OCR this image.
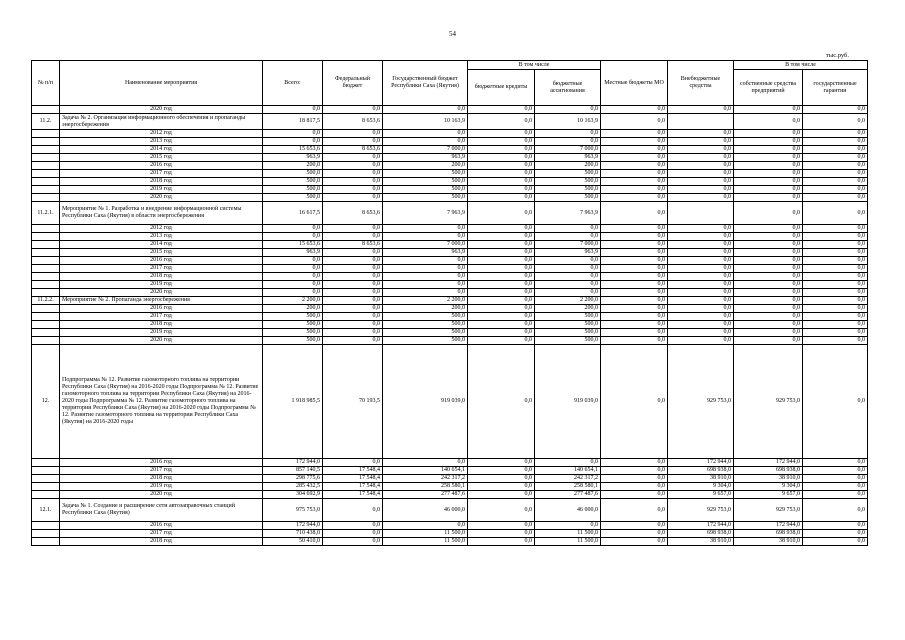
54
тыс.руб.
№ п/п	Наименование мероприятия	Всего:	Федеральный бюджет	Государственный бюджет Республики Саха (Якутия)	В том числе		Местные бюджеты МО	Внебюджетные средства	В том числе	
					бюджетные кредиты	бюджетные ассигнования			собственные средства предприятий	государственные гарантии
	2020 год	0,0	0,0	0,0	0,0	0,0	0,0	0,0	0,0	0,0
11.2.	Задача № 2. Организация информационного обеспечения и пропаганды энергосбережения	18 817,5	8 653,6	10 163,9	0,0	10 163,9	0,0		0,0	0,0
	2012 год	0,0	0,0	0,0	0,0	0,0	0,0	0,0	0,0	0,0
	2013 год	0,0	0,0	0,0	0,0	0,0	0,0	0,0	0,0	0,0
	2014 год	15 653,6	8 653,6	7 000,0	0,0	7 000,0	0,0	0,0	0,0	0,0
	2015 год	963,9	0,0	963,9	0,0	963,9	0,0	0,0	0,0	0,0
	2016 год	200,0	0,0	200,0	0,0	200,0	0,0	0,0	0,0	0,0
	2017 год	500,0	0,0	500,0	0,0	500,0	0,0	0,0	0,0	0,0
	2018 год	500,0	0,0	500,0	0,0	500,0	0,0	0,0	0,0	0,0
	2019 год	500,0	0,0	500,0	0,0	500,0	0,0	0,0	0,0	0,0
	2020 год	500,0	0,0	500,0	0,0	500,0	0,0	0,0	0,0	0,0
11.2.1.	Мероприятие № 1. Разработка и внедрение информационной системы Республики Саха (Якутия) в области энергосбережения	16 617,5	8 653,6	7 963,9	0,0	7 963,9	0,0		0,0	0,0
	2012 год	0,0	0,0	0,0	0,0	0,0	0,0	0,0	0,0	0,0
	2013 год	0,0	0,0	0,0	0,0	0,0	0,0	0,0	0,0	0,0
	2014 год	15 653,6	8 653,6	7 000,0	0,0	7 000,0	0,0	0,0	0,0	0,0
	2015 год	963,9	0,0	963,9	0,0	963,9	0,0	0,0	0,0	0,0
	2016 год	0,0	0,0	0,0	0,0	0,0	0,0	0,0	0,0	0,0
	2017 год	0,0	0,0	0,0	0,0	0,0	0,0	0,0	0,0	0,0
	2018 год	0,0	0,0	0,0	0,0	0,0	0,0	0,0	0,0	0,0
	2019 год	0,0	0,0	0,0	0,0	0,0	0,0	0,0	0,0	0,0
	2020 год	0,0	0,0	0,0	0,0	0,0	0,0	0,0	0,0	0,0
11.2.2.	Мероприятие № 2. Пропаганда энергосбережения	2 200,0	0,0	2 200,0	0,0	2 200,0	0,0	0,0	0,0	0,0
	2016 год	200,0	0,0	200,0	0,0	200,0	0,0	0,0	0,0	0,0
	2017 год	500,0	0,0	500,0	0,0	500,0	0,0	0,0	0,0	0,0
	2018 год	500,0	0,0	500,0	0,0	500,0	0,0	0,0	0,0	0,0
	2019 год	500,0	0,0	500,0	0,0	500,0	0,0	0,0	0,0	0,0
	2020 год	500,0	0,0	500,0	0,0	500,0	0,0	0,0	0,0	0,0
12.	Подпрограмма № 12. Развитие газомоторного топлива на территории Республики Саха (Якутия) на 2016-2020 годы Подпрограмма № 12. Развитие газомоторного топлива на территории Республики Саха (Якутия) на 2016-2020 годы Подпрограмма № 12. Развитие газомоторного топлива на территории Республики Саха (Якутия) на 2016-2020 годы Подпрограмма № 12. Развитие газомоторного топлива на территории Республики Саха (Якутия) на 2016-2020 годы	1 918 985,5	70 193,5	919 039,0	0,0	919 039,0	0,0	929 753,0	929 753,0	0,0
	2016 год	172 944,0	0,0	0,0	0,0	0,0	0,0	172 944,0	172 944,0	0,0
	2017 год	857 140,5	17 548,4	140 654,1	0,0	140 654,1	0,0	698 938,0	698 938,0	0,0
	2018 год	298 775,6	17 548,4	242 317,2	0,0	242 317,2	0,0	38 910,0	38 910,0	0,0
	2019 год	285 432,5	17 548,4	258 580,1	0,0	258 580,1	0,0	9 304,0	9 304,0	0,0
	2020 год	304 692,9	17 548,4	277 487,6	0,0	277 487,6	0,0	9 657,0	9 657,0	0,0
12.1.	Задача № 1. Создание и расширение сети автозаправочных станций Республики Саха (Якутия)	975 753,0	0,0	46 000,0	0,0	46 000,0	0,0	929 753,0	929 753,0	0,0
	2016 год	172 944,0	0,0	0,0	0,0	0,0	0,0	172 944,0	172 944,0	0,0
	2017 год	710 438,0	0,0	11 500,0	0,0	11 500,0	0,0	698 938,0	698 938,0	0,0
	2018 год	50 410,0	0,0	11 500,0	0,0	11 500,0	0,0	38 910,0	38 910,0	0,0
